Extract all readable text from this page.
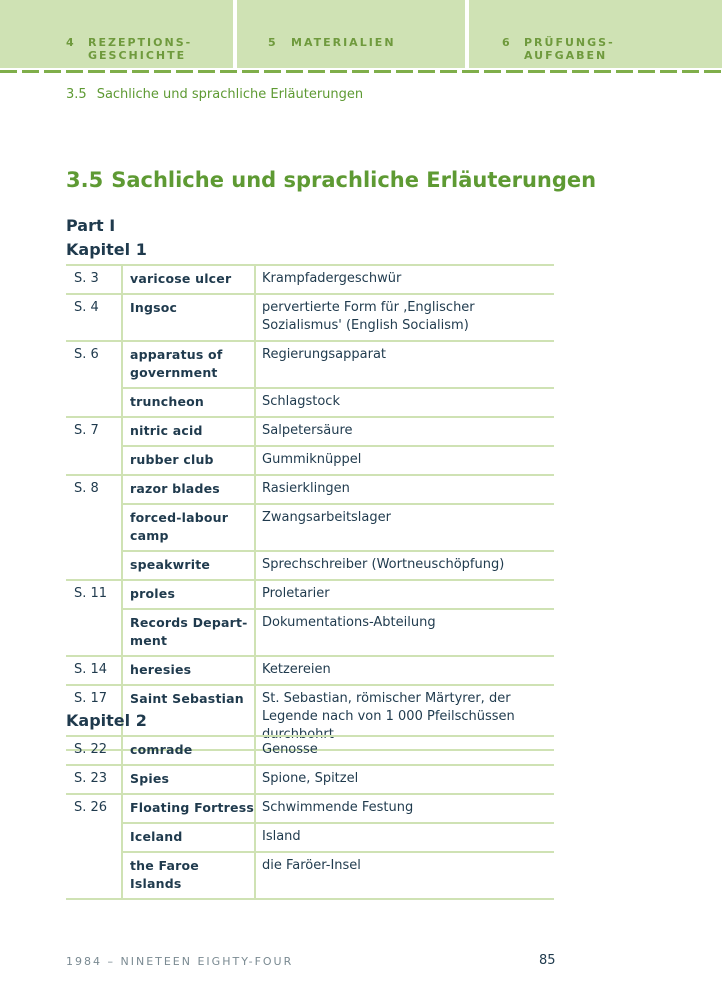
4 REZEPTIONS-
GESCHICHTE
5 MATERIALIEN	6 PRÜFUNGS-
AUFGABEN
3.5 Sachliche und sprachliche Erläuterungen
3.5 Sachliche und sprachliche Erläuterungen
Part I
Kapitel 1
S. 3	varicose ulcer	Krampfadergeschwür
S. 4	Ingsoc	pervertierte Form für ‚Englischer Sozialismus' (English Socialism)
S. 6	apparatus of government	Regierungsapparat
	truncheon	Schlagstock
S. 7	nitric acid	Salpetersäure
	rubber club	Gummiknüppel
S. 8	razor blades	Rasierklingen
	forced-labour camp	Zwangsarbeitslager
	speakwrite	Sprechschreiber (Wortneuschöpfung)
S. 11	proles	Proletarier
	Records Depart-ment	Dokumentations-Abteilung
S. 14	heresies	Ketzereien
S. 17	Saint Sebastian	St. Sebastian, römischer Märtyrer, der Legende nach von 1 000 Pfeilschüssen durchbohrt
Kapitel 2
S. 22	comrade	Genosse
S. 23	Spies	Spione, Spitzel
S. 26	Floating Fortress	Schwimmende Festung
	Iceland	Island
	the Faroe Islands	die Faröer-Insel
1984 – NINETEEN EIGHTY-FOUR	85
